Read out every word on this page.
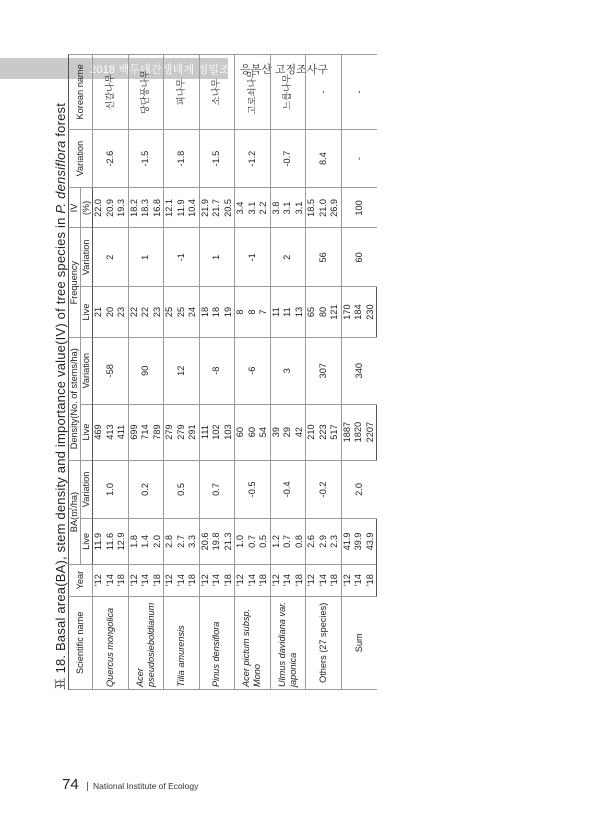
2018 백두대간생태계 정밀조사 응복산 고정조사구
표 18. Basal area(BA), stem density and importance value(IV) of tree species in P. densiflora forest
Scientific name	Year	BA(㎡/ha)		Density(No. of stems/ha)		Frequency		IV	Variation	Korean name
		Live	Variation	Live	Variation	Live	Variation	(%)		
Quercus mongolica	'12	11.9	1.0	469	-58	21	2	22.0	-2.6	신갈나무
	'14	11.6		413		20		20.9		
	'18	12.9		411		23		19.3		
Acer pseudosieboldianum	'12	1.8	0.2	699	90	22	1	18.2	-1.5	당단풍나무
	'14	1.4		714		22		18.3		
	'18	2.0		789		23		16.8		
Tilia amurensis	'12	2.8	0.5	279	12	25	-1	12.1	-1.8	피나무
	'14	2.7		279		25		11.9		
	'18	3.3		291		24		10.4		
Pinus densiflora	'12	20.6	0.7	111	-8	18	1	21.9	-1.5	소나무
	'14	19.8		102		18		21.7		
	'18	21.3		103		19		20.5		
Acer pictum subsp. Mono	'12	1.0	-0.5	60	-6	8	-1	3.4	-1.2	고로쇠나무
	'14	0.7		60		8		3.1		
	'18	0.5		54		7		2.2		
Ulmus davidiana var. japonica	'12	1.2	-0.4	39	3	11	2	3.8	-0.7	느릅나무
	'14	0.7		29		11		3.1		
	'18	0.8		42		13		3.1		
Others (27 species)	'12	2.6	-0.2	210	307	65	56	18.5	8.4	-
	'14	2.9		223		80		21.0		
	'18	2.3		517		121		26.9		
Sum	'12	41.9	2.0	1887	340	170	60	100	-	-
	'14	39.9		1820		184				
	'18	43.9		2207		230				
74 National Institute of Ecology
